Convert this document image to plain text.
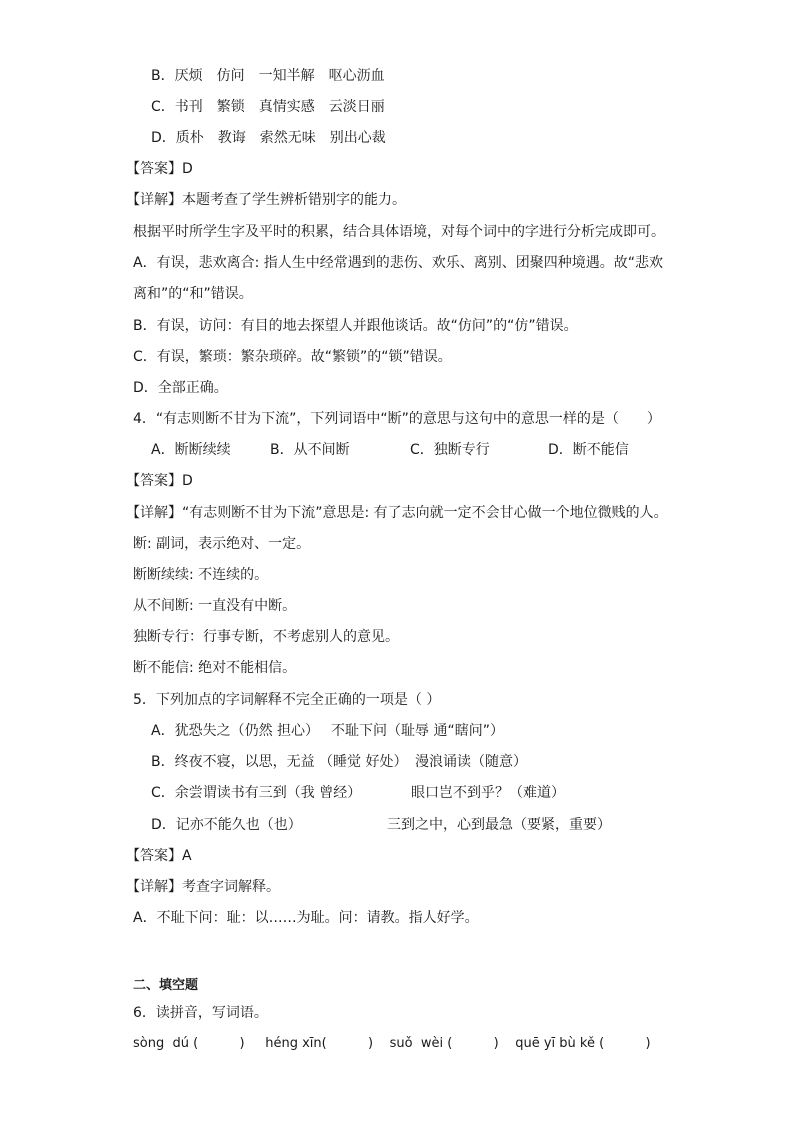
B．厌烦　仿问　一知半解　呕心沥血
C．书刊　繁锁　真情实感　云淡日丽
D．质朴　教诲　索然无味　别出心裁
【答案】D
【详解】本题考查了学生辨析错别字的能力。
根据平时所学生字及平时的积累，结合具体语境，对每个词中的字进行分析完成即可。
A．有误，悲欢离合: 指人生中经常遇到的悲伤、欢乐、离别、团聚四种境遇。故“悲欢
离和”的“和”错误。
B．有误，访问：有目的地去探望人并跟他谈话。故“仿问”的“仿”错误。
C．有误，繁琐：繁杂琐碎。故“繁锁”的“锁”错误。
D．全部正确。
4．“有志则断不甘为下流”，下列词语中“断”的意思与这句中的意思一样的是（　　）
A．断断续续	B．从不间断	C．独断专行	D．断不能信
【答案】D
【详解】“有志则断不甘为下流”意思是: 有了志向就一定不会甘心做一个地位微贱的人。
断: 副词，表示绝对、一定。
断断续续: 不连续的。
从不间断: 一直没有中断。
独断专行：行事专断，不考虑别人的意见。
断不能信: 绝对不能相信。
5．下列加点的字词解释不完全正确的一项是（ ）
A．犹恐失之（仍然 担心） 不耻下问（耻辱 通“瞎问”）
B．终夜不寝，以思，无益 （睡觉 好处） 漫浪诵读（随意）
C．余尝谓读书有三到（我 曾经）	眼口岂不到乎？（难道）
D．记亦不能久也（也）	三到之中，心到最急（要紧，重要）
【答案】A
【详解】考查字词解释。
A．不耻下问：耻：以……为耻。问：请教。指人好学。
二、填空题
6．读拼音，写词语。
sòng  dú (          )     héng xīn(          )    suǒ  wèi (          )    quē yī bù kě (          )
